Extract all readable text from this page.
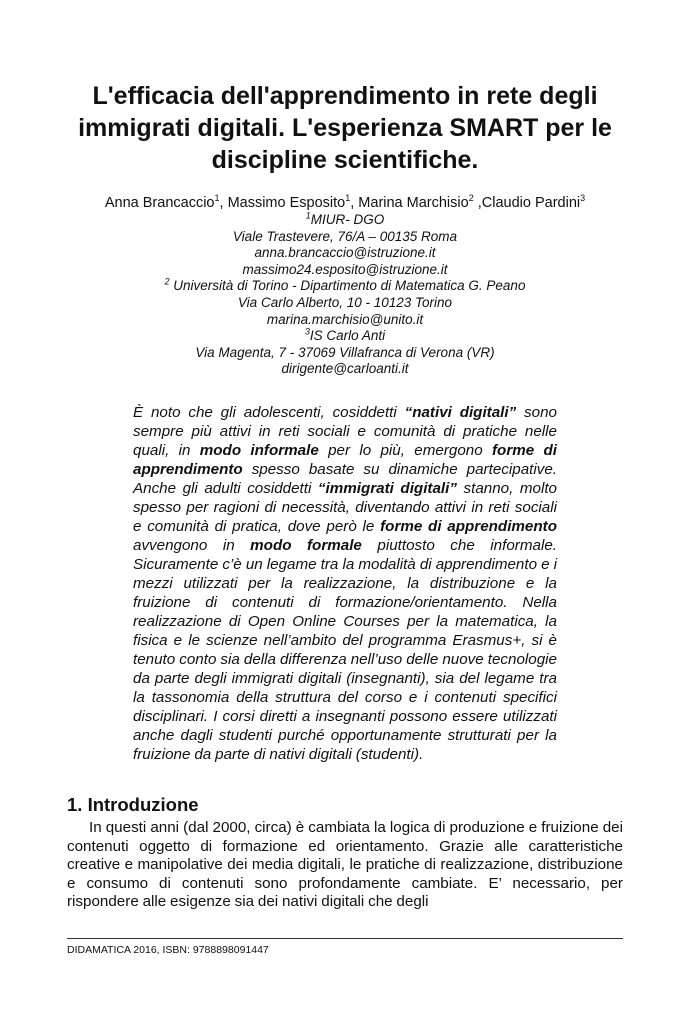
L'efficacia dell'apprendimento in rete degli immigrati digitali. L'esperienza SMART per le discipline scientifiche.
Anna Brancaccio$^1$, Massimo Esposito$^1$, Marina Marchisio$^2$ ,Claudio Pardini$^3$
$^1$MIUR- DGO
Viale Trastevere, 76/A – 00135 Roma
anna.brancaccio@istruzione.it
massimo24.esposito@istruzione.it
$^2$ Università di Torino - Dipartimento di Matematica G. Peano
Via Carlo Alberto, 10 - 10123 Torino
marina.marchisio@unito.it
$^3$IS Carlo Anti
Via Magenta, 7 - 37069 Villafranca di Verona (VR)
dirigente@carloanti.it

È noto che gli adolescenti, cosiddetti “nativi digitali” sono sempre più attivi in reti sociali e comunità di pratiche nelle quali, in modo informale per lo più, emergono forme di apprendimento spesso basate su dinamiche partecipative. Anche gli adulti cosiddetti “immigrati digitali” stanno, molto spesso per ragioni di necessità, diventando attivi in reti sociali e comunità di pratica, dove però le forme di apprendimento avvengono in modo formale piuttosto che informale. Sicuramente c’è un legame tra la modalità di apprendimento e i mezzi utilizzati per la realizzazione, la distribuzione e la fruizione di contenuti di formazione/orientamento. Nella realizzazione di Open Online Courses per la matematica, la fisica e le scienze nell’ambito del programma Erasmus+, si è tenuto conto sia della differenza nell’uso delle nuove tecnologie da parte degli immigrati digitali (insegnanti), sia del legame tra la tassonomia della struttura del corso e i contenuti specifici disciplinari. I corsi diretti a insegnanti possono essere utilizzati anche dagli studenti purché opportunamente strutturati per la fruizione da parte di nativi digitali (studenti).

1. Introduzione

In questi anni (dal 2000, circa) è cambiata la logica di produzione e fruizione dei contenuti oggetto di formazione ed orientamento. Grazie alle caratteristiche creative e manipolative dei media digitali, le pratiche di realizzazione, distribuzione e consumo di contenuti sono profondamente cambiate. E’ necessario, per rispondere alle esigenze sia dei nativi digitali che degli

DIDAMATICA 2016, ISBN: 9788898091447
